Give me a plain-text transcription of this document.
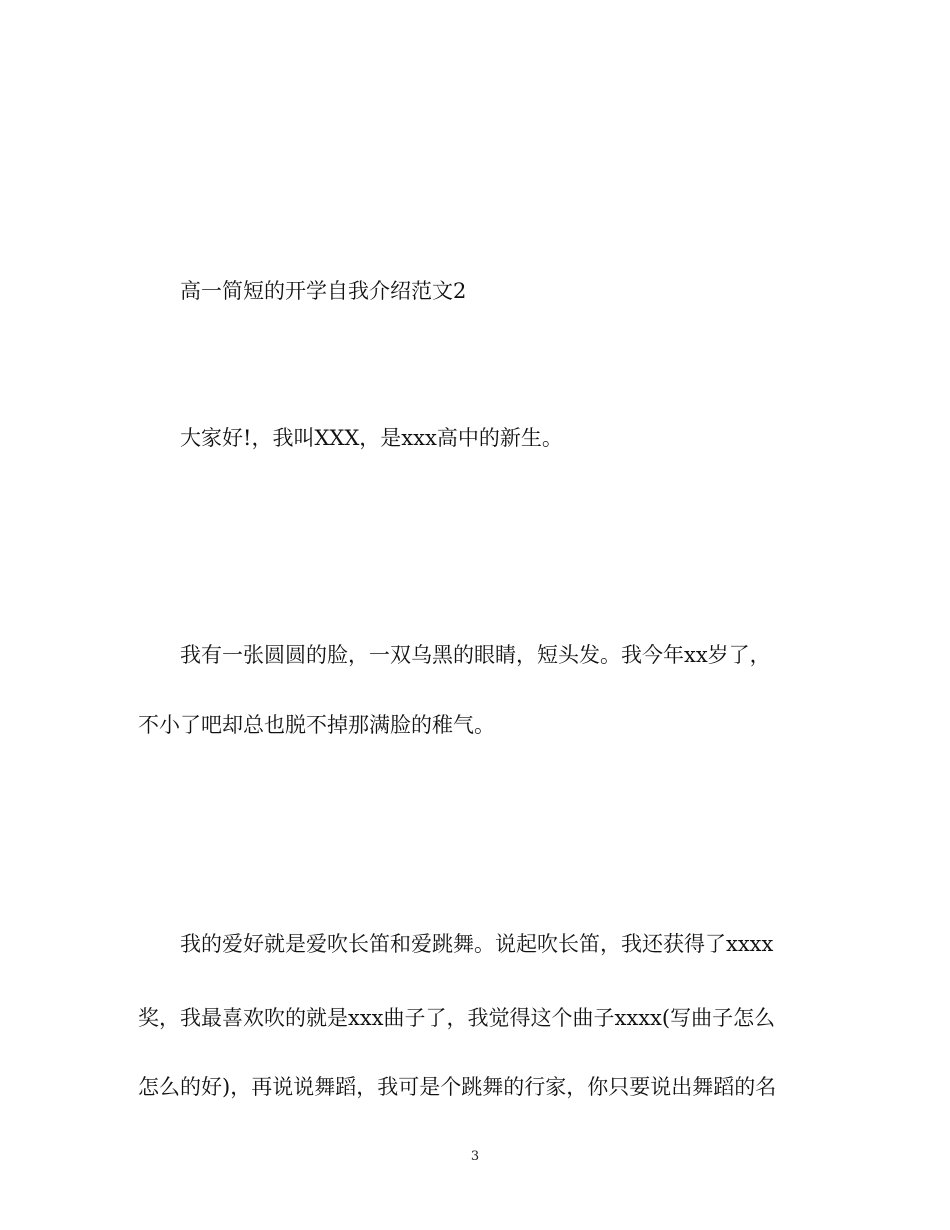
高一简短的开学自我介绍范文2
大家好!，我叫XXX，是xxx高中的新生。
我有一张圆圆的脸，一双乌黑的眼睛，短头发。我今年xx岁了，
不小了吧却总也脱不掉那满脸的稚气。
我的爱好就是爱吹长笛和爱跳舞。说起吹长笛，我还获得了xxxx
奖，我最喜欢吹的就是xxx曲子了，我觉得这个曲子xxxx(写曲子怎么
怎么的好)，再说说舞蹈，我可是个跳舞的行家，你只要说出舞蹈的名
3
